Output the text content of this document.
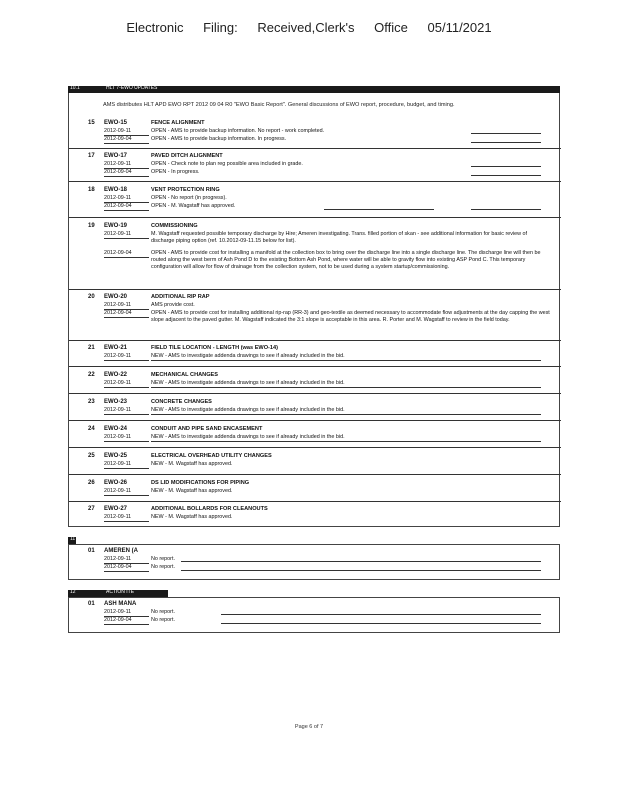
Electronic Filing: Received,Clerk's Office 05/11/2021
10.1	HLT 7-EWO UPDATES
AMS distributes HLT APD EWO RPT 2012 09 04 R0 "EWO Basic Report". General discussions of EWO report, procedure, budget, and timing.
15 EWO-15	FENCE ALIGNMENT
2012-09-11	OPEN - AMS to provide backup information. No report - work completed.
2012-09-04	OPEN - AMS to provide backup information. In progress.
17 EWO-17	PAVED DITCH ALIGNMENT
2012-09-11	OPEN - Check note to plan reg possible area included in grade.
2012-09-04	OPEN - In progress.
18 EWO-18	VENT PROTECTION RING
2012-09-11	OPEN - No report (in progress).
2012-09-04	OPEN - M. Wagstaff has approved.
19 EWO-19	COMMISSIONING
2012-09-11	M. Wagstaff requested possible temporary discharge by Hire; Ameren investigating. Trans. filled portion of skan - see additional information for basic review of discharge piping option (ref. 10.2012-09-11.15 below for list).
2012-09-04	OPEN - AMS to provide cost for installing a manifold at the collection box to bring over the discharge line into a single discharge line. The discharge line will then be routed along the west berm of Ash Pond D to the existing Bottom Ash Pond, where water will be able to gravity flow into existing ASP Pond C. This temporary configuration will allow for flow of drainage from the collection system, not to be used during a system startup/commissioning.
20 EWO-20	ADDITIONAL RIP RAP
2012-09-11	AMS provide cost.
2012-09-04	OPEN - AMS to provide cost for installing additional rip-rap (RR-3) and geo-textile as deemed necessary to accommodate flow adjustments at the day capping the west slope adjacent to the paved gutter. M. Wagstaff indicated the 3:1 slope is acceptable in this area. R. Porter and M. Wagstaff to review in the field today.
21 EWO-21	FIELD TILE LOCATION - LENGTH (was EWO-14)
2012-09-11	NEW - AMS to investigate addenda drawings to see if already included in the bid.
22 EWO-22	MECHANICAL CHANGES
2012-09-11	NEW - AMS to investigate addenda drawings to see if already included in the bid.
23 EWO-23	CONCRETE CHANGES
2012-09-11	NEW - AMS to investigate addenda drawings to see if already included in the bid.
24 EWO-24	CONDUIT AND PIPE SAND ENCASEMENT
2012-09-11	NEW - AMS to investigate addenda drawings to see if already included in the bid.
25 EWO-25	ELECTRICAL OVERHEAD UTILITY CHANGES
2012-09-11	NEW - M. Wagstaff has approved.
26 EWO-26	DS LID MODIFICATIONS FOR PIPING
2012-09-11	NEW - M. Wagstaff has approved.
27 EWO-27	ADDITIONAL BOLLARDS FOR CLEANOUTS
2012-09-11	NEW - M. Wagstaff has approved.
11
01 AMEREN (A
2012-09-11	No report.
2012-09-04	No report.
12	ACTION ITE
01 ASH MANA
2012-09-11	No report.
2012-09-04	No report.
Page 6 of 7
